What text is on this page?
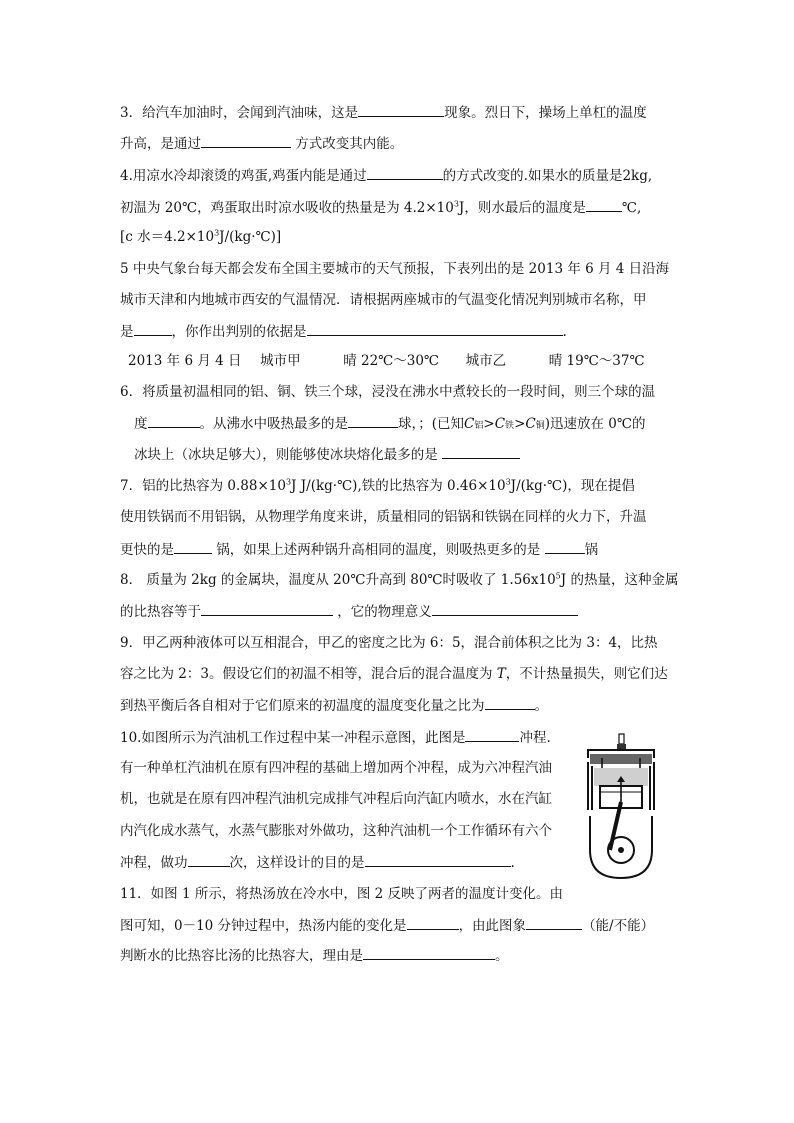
3．给汽车加油时，会闻到汽油味，这是	现象。烈日下，操场上单杠的温度
升高，是通过	方式改变其内能。
4.用凉水冷却滚烫的鸡蛋,鸡蛋内能是通过	的方式改变的.如果水的质量是2kg,
初温为 20℃，鸡蛋取出时凉水吸收的热量是为 $4.2\times 10^3J$，则水最后的温度是	℃,
[c 水$=4.2\times 10^3J/(kg\cdot℃)$]
5 中央气象台每天都会发布全国主要城市的天气预报，下表列出的是 2013 年 6 月 4 日沿海
城市天津和内地城市西安的气温情况．请根据两座城市的气温变化情况判别城市名称，甲
是	，你作出判别的依据是	.
2013 年 6 月 4 日 城市甲	晴 22℃～30℃ 城市乙	晴 19℃～37℃
6．将质量初温相同的铝、铜、铁三个球，浸没在沸水中煮较长的一段时间，则三个球的温
度	。从沸水中吸热最多的是	球，；(已知C铝>C铁>C铜)迅速放在 0℃的
冰块上（冰块足够大），则能够使冰块熔化最多的是
7．铝的比热容为 $0.88\times 10^3J$ J/(kg·℃),铁的比热容为 $0.46\times 10^3J/(kg\cdot℃)$，现在提倡
使用铁锅而不用铝锅，从物理学角度来讲，质量相同的铝锅和铁锅在同样的火力下，升温
更快的是	锅，如果上述两种锅升高相同的温度，则吸热更多的是	锅
8． 质量为 2kg 的金属块，温度从 20℃升高到 80℃时吸收了 $1.56x10^5J$ 的热量，这种金属
的比热容等于	，它的物理意义
9．甲乙两种液体可以互相混合，甲乙的密度之比为 6：5，混合前体积之比为 3：4，比热
容之比为 2：3。假设它们的初温不相等，混合后的混合温度为 T，不计热量损失，则它们达
到热平衡后各自相对于它们原来的初温度的温度变化量之比为	。
10.如图所示为汽油机工作过程中某一冲程示意图，此图是	冲程.
有一种单杠汽油机在原有四冲程的基础上增加两个冲程，成为六冲程汽油
机，也就是在原有四冲程汽油机完成排气冲程后向汽缸内喷水，水在汽缸
内汽化成水蒸气，水蒸气膨胀对外做功，这种汽油机一个工作循环有六个
冲程，做功	次，这样设计的目的是	.
11．如图 1 所示，将热汤放在冷水中，图 2 反映了两者的温度计变化。由
图可知，0－10 分钟过程中，热汤内能的变化是	，由此图象	（能/不能）
判断水的比热容比汤的比热容大，理由是	。
